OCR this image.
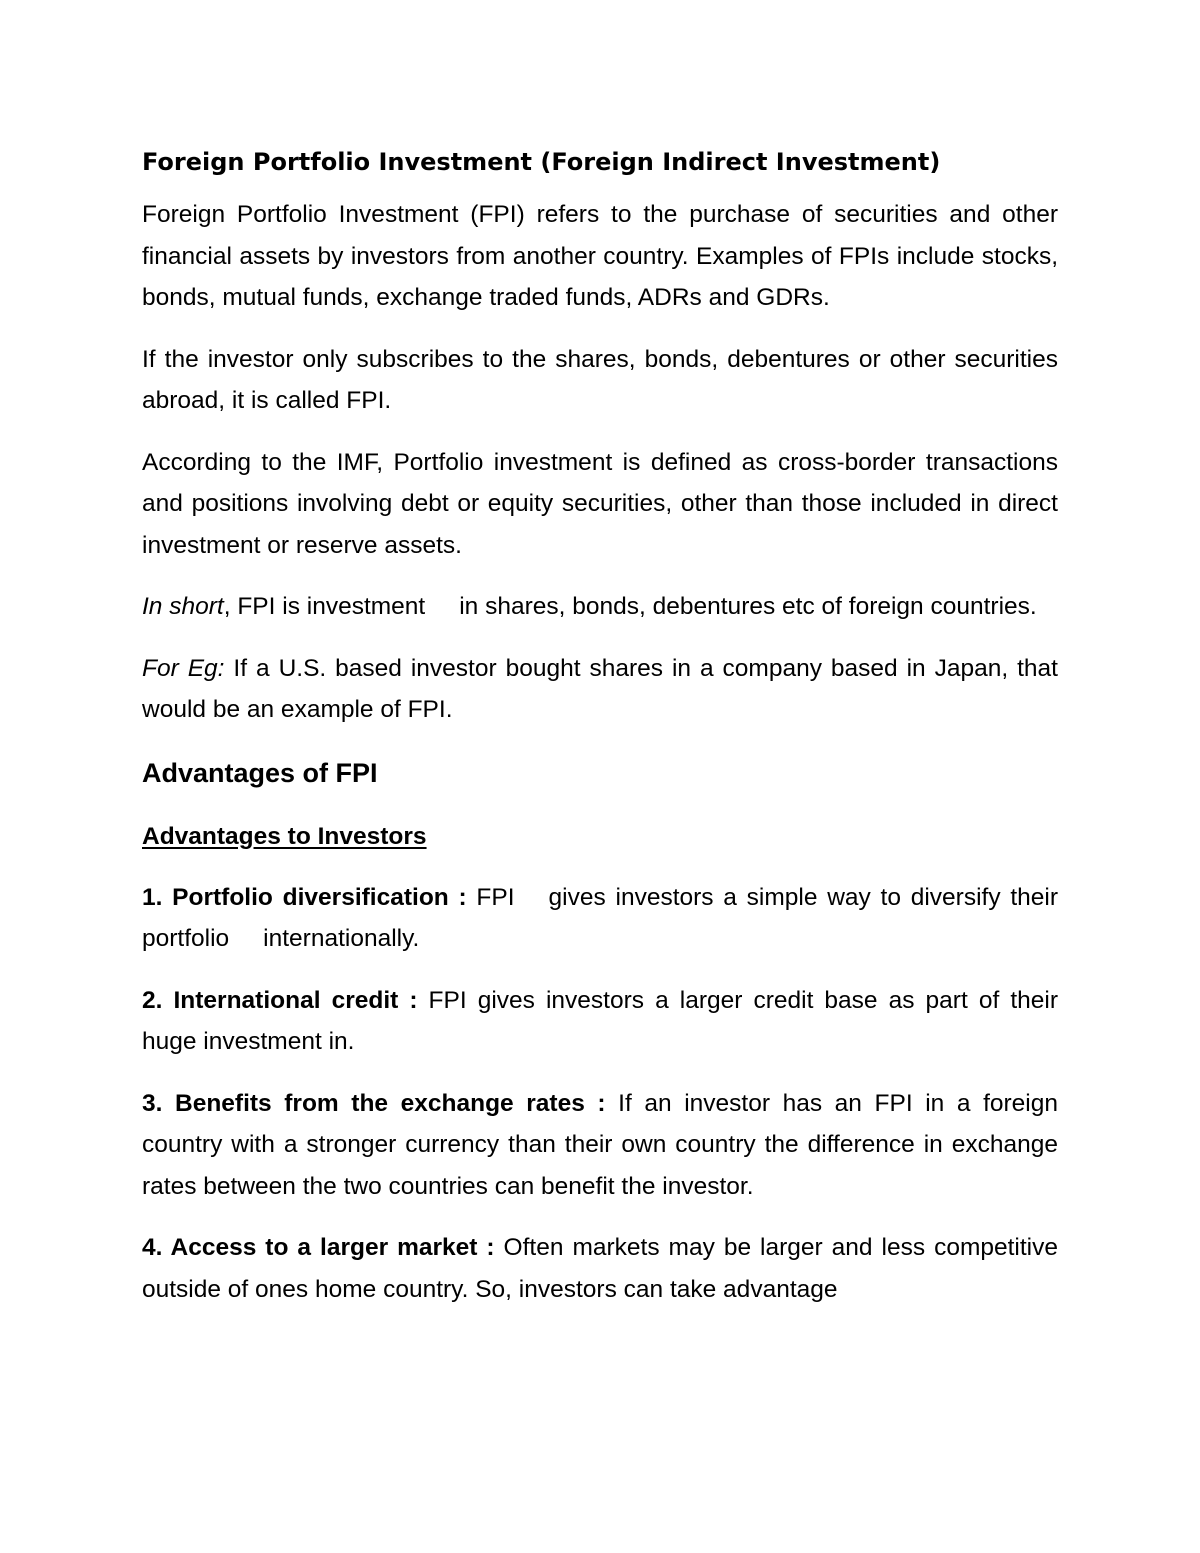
Foreign Portfolio Investment (Foreign Indirect Investment)

Foreign Portfolio Investment (FPI) refers to the purchase of securities and other financial assets by investors from another country. Examples of FPIs include stocks, bonds, mutual funds, exchange traded funds, ADRs and GDRs.

If the investor only subscribes to the shares, bonds, debentures or other securities abroad, it is called FPI.

According to the IMF, Portfolio investment is defined as cross-border transactions and positions involving debt or equity securities, other than those included in direct investment or reserve assets.

In short, FPI is investment in shares, bonds, debentures etc of foreign countries.

For Eg: If a U.S. based investor bought shares in a company based in Japan, that would be an example of FPI.

Advantages of FPI
Advantages to Investors

1. Portfolio diversification : FPI gives investors a simple way to diversify their portfolio internationally.

2. International credit : FPI gives investors a larger credit base as part of their huge investment in.

3. Benefits from the exchange rates : If an investor has an FPI in a foreign country with a stronger currency than their own country the difference in exchange rates between the two countries can benefit the investor.

4. Access to a larger market : Often markets may be larger and less competitive outside of ones home country. So, investors can take advantage
